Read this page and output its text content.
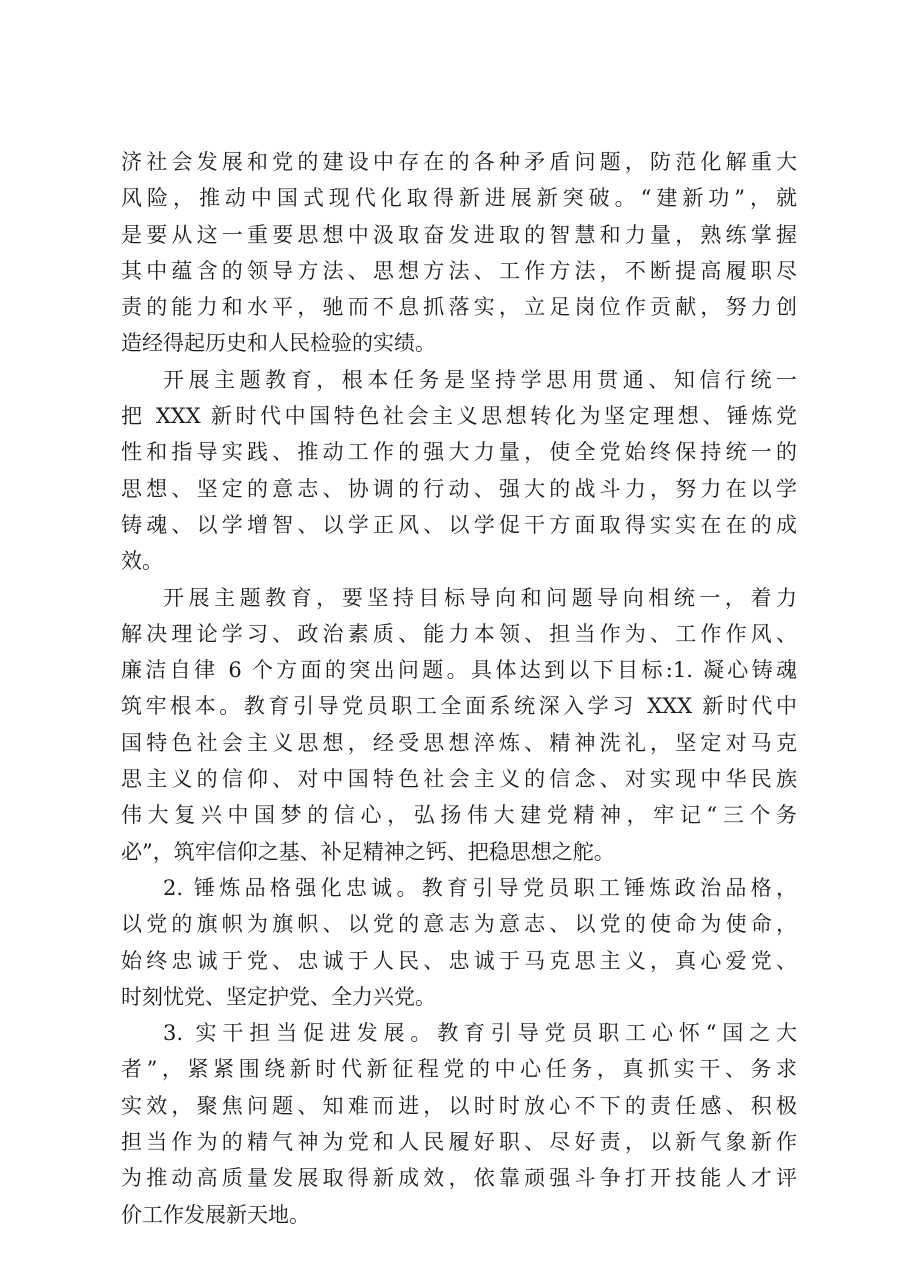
济社会发展和党的建设中存在的各种矛盾问题，防范化解重大
风险，推动中国式现代化取得新进展新突破。“建新功”，就
是要从这一重要思想中汲取奋发进取的智慧和力量，熟练掌握
其中蕴含的领导方法、思想方法、工作方法，不断提高履职尽
责的能力和水平，驰而不息抓落实，立足岗位作贡献，努力创
造经得起历史和人民检验的实绩。
开展主题教育，根本任务是坚持学思用贯通、知信行统一
把 XXX 新时代中国特色社会主义思想转化为坚定理想、锤炼党
性和指导实践、推动工作的强大力量，使全党始终保持统一的
思想、坚定的意志、协调的行动、强大的战斗力，努力在以学
铸魂、以学增智、以学正风、以学促干方面取得实实在在的成
效。
开展主题教育，要坚持目标导向和问题导向相统一，着力
解决理论学习、政治素质、能力本领、担当作为、工作作风、
廉洁自律 6 个方面的突出问题。具体达到以下目标:1. 凝心铸魂
筑牢根本。教育引导党员职工全面系统深入学习 XXX 新时代中
国特色社会主义思想，经受思想淬炼、精神洗礼，坚定对马克
思主义的信仰、对中国特色社会主义的信念、对实现中华民族
伟大复兴中国梦的信心，弘扬伟大建党精神，牢记“三个务
必”，筑牢信仰之基、补足精神之钙、把稳思想之舵。
2. 锤炼品格强化忠诚。教育引导党员职工锤炼政治品格，
以党的旗帜为旗帜、以党的意志为意志、以党的使命为使命，
始终忠诚于党、忠诚于人民、忠诚于马克思主义，真心爱党、
时刻忧党、坚定护党、全力兴党。
3. 实干担当促进发展。教育引导党员职工心怀“国之大
者”，紧紧围绕新时代新征程党的中心任务，真抓实干、务求
实效，聚焦问题、知难而进，以时时放心不下的责任感、积极
担当作为的精气神为党和人民履好职、尽好责，以新气象新作
为推动高质量发展取得新成效，依靠顽强斗争打开技能人才评
价工作发展新天地。
